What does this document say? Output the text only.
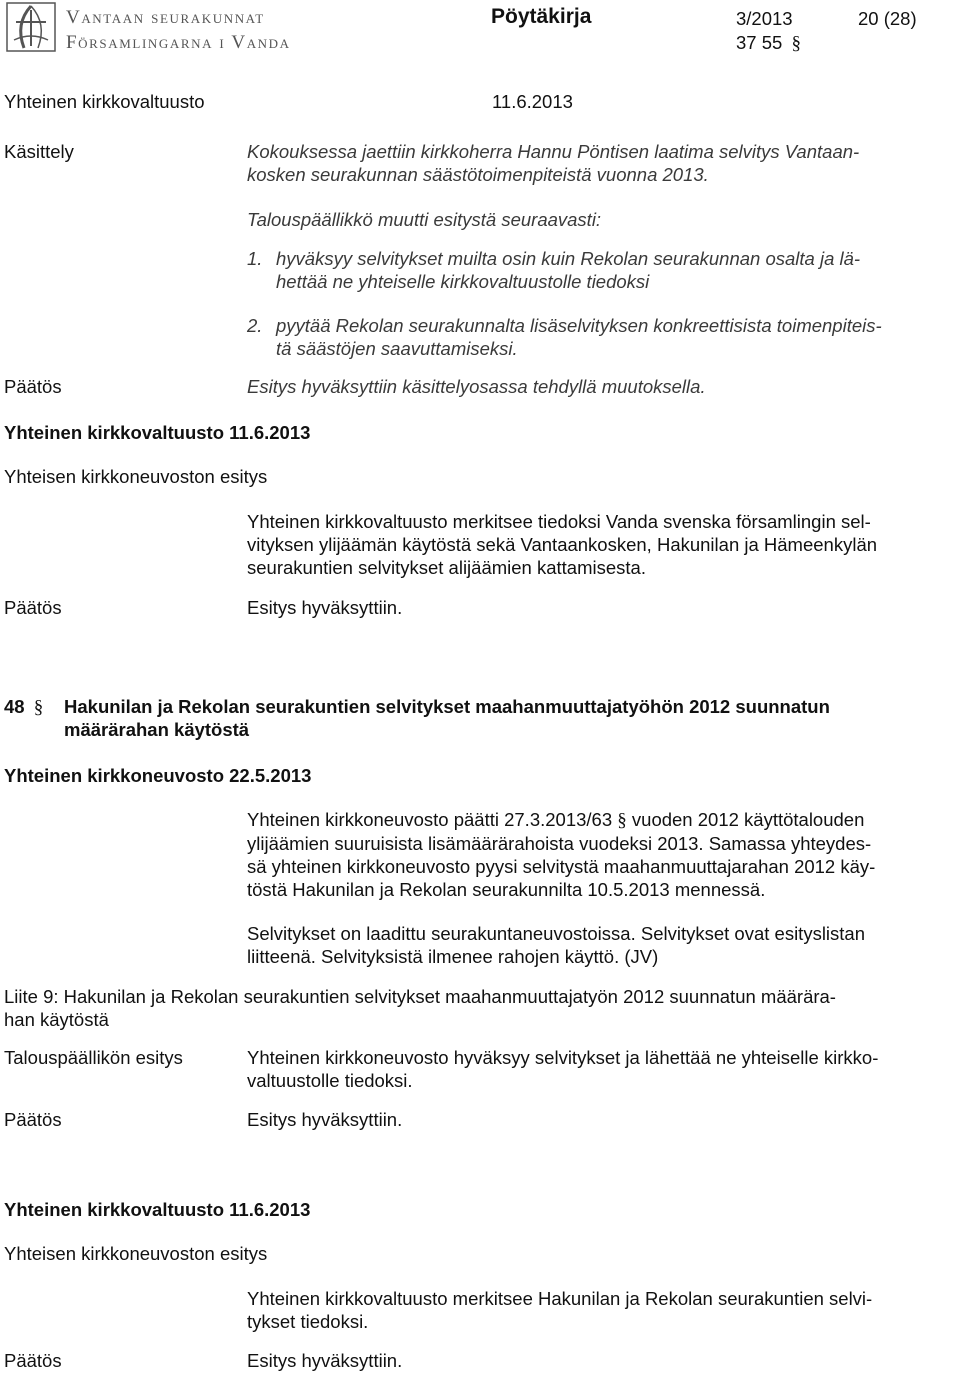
Vantaan seurakunnat
Församlingarna i Vanda
Pöytäkirja	3/2013	20 (28)
37 55 §
Yhteinen kirkkovaltuusto	11.6.2013
Käsittely	Kokouksessa jaettiin kirkkoherra Hannu Pöntisen laatima selvitys Vantaan-
kosken seurakunnan säästötoimenpiteistä vuonna 2013.
Talouspäällikkö muutti esitystä seuraavasti:
1. hyväksyy selvitykset muilta osin kuin Rekolan seurakunnan osalta ja lä-
hettää ne yhteiselle kirkkovaltuustolle tiedoksi
2. pyytää Rekolan seurakunnalta lisäselvityksen konkreettisista toimenpiteis-
tä säästöjen saavuttamiseksi.
Päätös	Esitys hyväksyttiin käsittelyosassa tehdyllä muutoksella.
Yhteinen kirkkovaltuusto 11.6.2013
Yhteisen kirkkoneuvoston esitys
Yhteinen kirkkovaltuusto merkitsee tiedoksi Vanda svenska församlingin sel-
vityksen ylijäämän käytöstä sekä Vantaankosken, Hakunilan ja Hämeenkylän
seurakuntien selvitykset alijäämien kattamisesta.
Päätös	Esitys hyväksyttiin.
48 § Hakunilan ja Rekolan seurakuntien selvitykset maahanmuuttajatyöhön 2012 suunnatun
määrärahan käytöstä
Yhteinen kirkkoneuvosto 22.5.2013
Yhteinen kirkkoneuvosto päätti 27.3.2013/63 § vuoden 2012 käyttötalouden
ylijäämien suuruisista lisämäärärahoista vuodeksi 2013. Samassa yhteydes-
sä yhteinen kirkkoneuvosto pyysi selvitystä maahanmuuttajarahan 2012 käy-
töstä Hakunilan ja Rekolan seurakunnilta 10.5.2013 mennessä.
Selvitykset on laadittu seurakuntaneuvostoissa. Selvitykset ovat esityslistan
liitteenä. Selvityksistä ilmenee rahojen käyttö. (JV)
Liite 9: Hakunilan ja Rekolan seurakuntien selvitykset maahanmuuttajatyön 2012 suunnatun määrära-
han käytöstä
Talouspäällikön esitys	Yhteinen kirkkoneuvosto hyväksyy selvitykset ja lähettää ne yhteiselle kirkko-
valtuustolle tiedoksi.
Päätös	Esitys hyväksyttiin.
Yhteinen kirkkovaltuusto 11.6.2013
Yhteisen kirkkoneuvoston esitys
Yhteinen kirkkovaltuusto merkitsee Hakunilan ja Rekolan seurakuntien selvi-
tykset tiedoksi.
Päätös	Esitys hyväksyttiin.
